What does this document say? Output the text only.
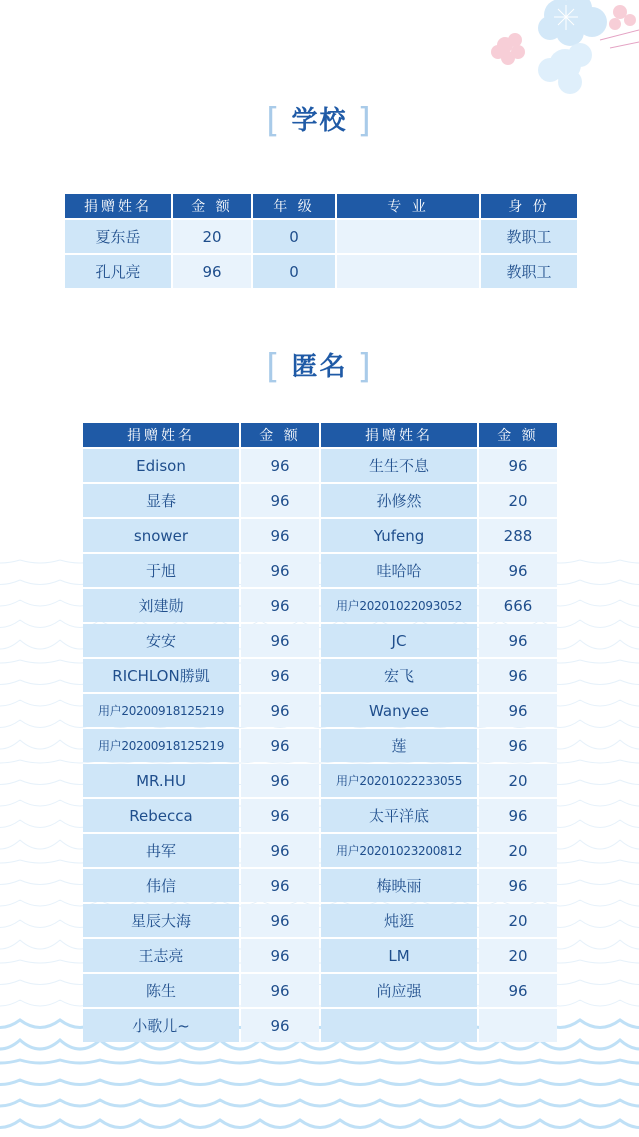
[ 学校 ]
捐赠姓名	金 额	年 级	专 业	身 份
夏东岳	20	0		教职工
孔凡亮	96	0		教职工
[ 匿名 ]
捐赠姓名	金 额	捐赠姓名	金 额
Edison	96	生生不息	96
显春	96	孙修然	20
snower	96	Yufeng	288
于旭	96	哇哈哈	96
刘建勋	96	用户20201022093052	666
安安	96	JC	96
RICHLON勝凱	96	宏飞	96
用户20200918125219	96	Wanyee	96
用户20200918125219	96	莲	96
MR.HU	96	用户20201022233055	20
Rebecca	96	太平洋底	96
冉军	96	用户20201023200812	20
伟信	96	梅映丽	96
星辰大海	96	炖逛	20
王志亮	96	LM	20
陈生	96	尚应强	96
小歌儿~	96		
